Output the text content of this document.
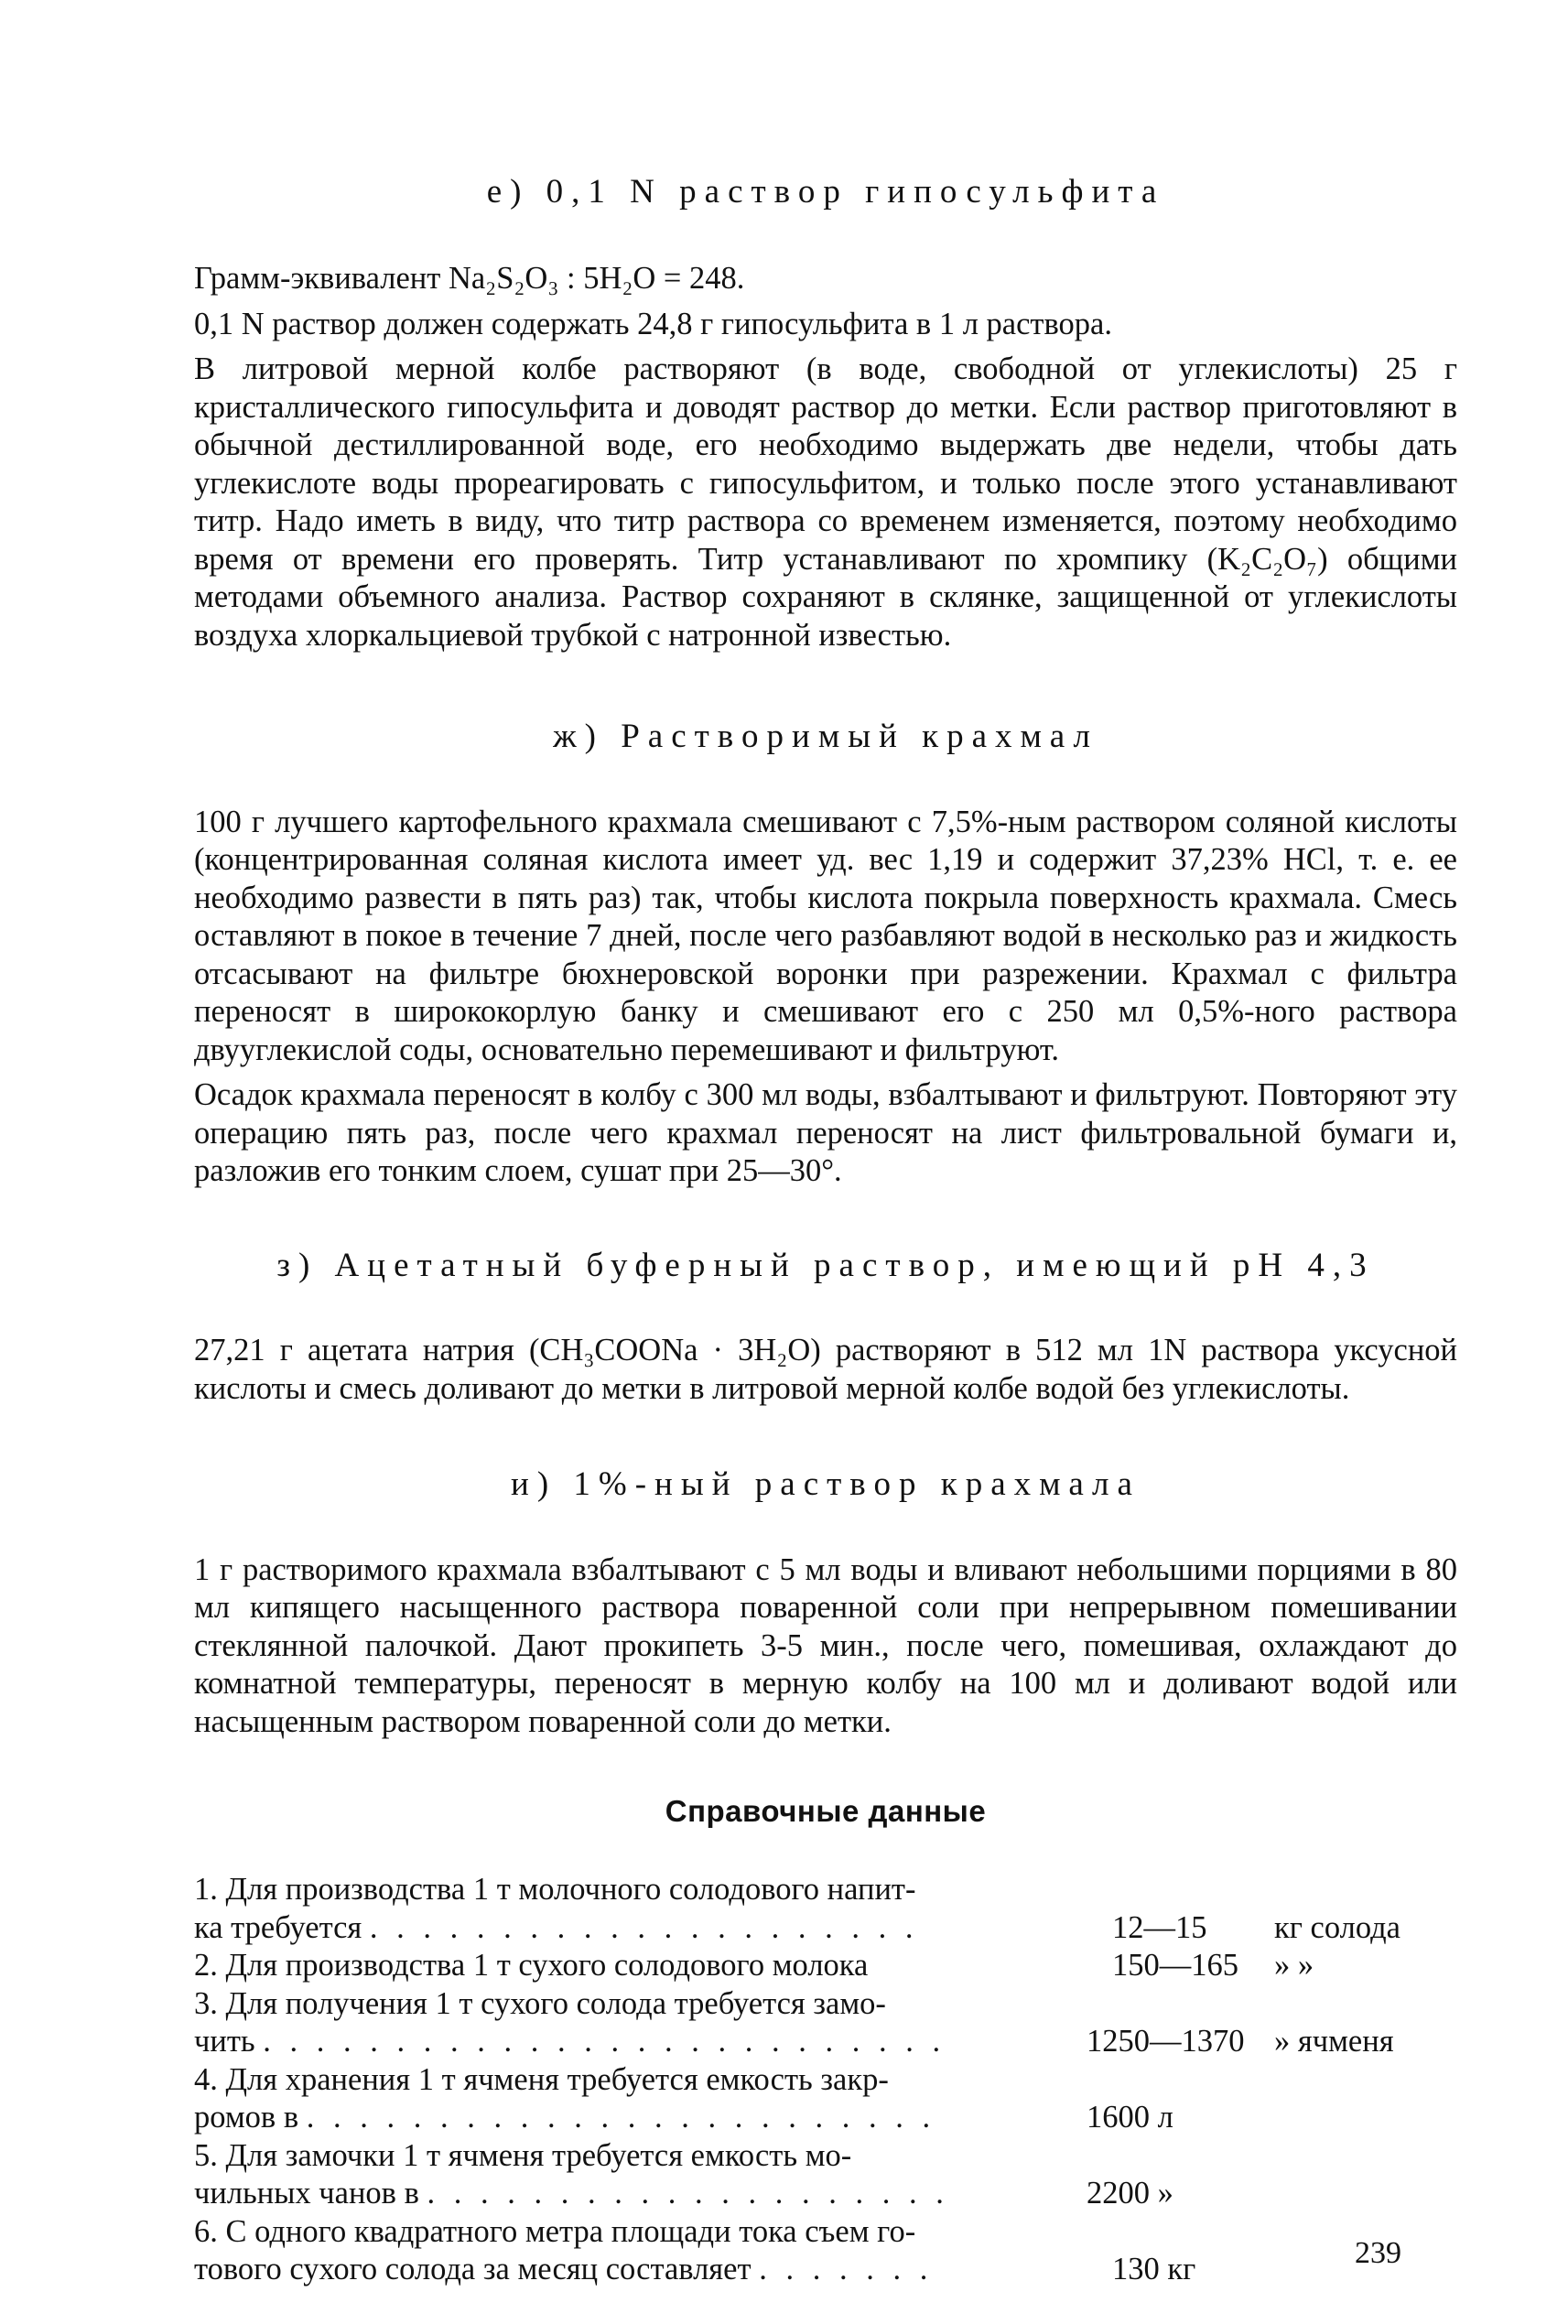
е) 0,1 N раствор гипосульфита

Грамм-эквивалент Na₂S₂O₃ : 5H₂O = 248.

0,1 N раствор должен содержать 24,8 г гипосульфита в 1 л раствора.

В литровой мерной колбе растворяют (в воде, свободной от углекислоты) 25 г кристаллического гипосульфита и доводят раствор до метки. Если раствор приготовляют в обычной дестиллированной воде, его необходимо выдержать две недели, чтобы дать углекислоте воды прореагировать с гипосульфитом, и только после этого устанавливают титр. Надо иметь в виду, что титр раствора со временем изменяется, поэтому необходимо время от времени его проверять. Титр устанавливают по хромпику (K₂C₂O₇) общими методами объемного анализа. Раствор сохраняют в склянке, защищенной от углекислоты воздуха хлоркальциевой трубкой с натронной известью.

ж) Растворимый крахмал

100 г лучшего картофельного крахмала смешивают с 7,5%-ным раствором соляной кислоты (концентрированная соляная кислота имеет уд. вес 1,19 и содержит 37,23% HCl, т. е. ее необходимо развести в пять раз) так, чтобы кислота покрыла поверхность крахмала. Смесь оставляют в покое в течение 7 дней, после чего разбавляют водой в несколько раз и жидкость отсасывают на фильтре бюхнеровской воронки при разрежении. Крахмал с фильтра переносят в ширококорлую банку и смешивают его с 250 мл 0,5%-ного раствора двууглекислой соды, основательно перемешивают и фильтруют.

Осадок крахмала переносят в колбу с 300 мл воды, взбалтывают и фильтруют. Повторяют эту операцию пять раз, после чего крахмал переносят на лист фильтровальной бумаги и, разложив его тонким слоем, сушат при 25—30°.

з) Ацетатный буферный раствор, имеющий pH 4,3

27,21 г ацетата натрия (CH₃COONa · 3H₂O) растворяют в 512 мл 1N раствора уксусной кислоты и смесь доливают до метки в литровой мерной колбе водой без углекислоты.

и) 1%-ный раствор крахмала

1 г растворимого крахмала взбалтывают с 5 мл воды и вливают небольшими порциями в 80 мл кипящего насыщенного раствора поваренной соли при непрерывном помешивании стеклянной палочкой. Дают прокипеть 3-5 мин., после чего, помешивая, охлаждают до комнатной температуры, переносят в мерную колбу на 100 мл и доливают водой или насыщенным раствором поваренной соли до метки.

Справочные данные
1. Для производства 1 т молочного солодового напит-
ка требуется . . . . . . . . . . . . . . . . . . . . .	12—15 кг солода
2. Для производства 1 т сухого солодового молока	150—165 » »
3. Для получения 1 т сухого солода требуется замо-
чить . . . . . . . . . . . . . . . . . . . . . . . . . .	1250—1370 » ячменя
4. Для хранения 1 т ячменя требуется емкость закр-
ромов в . . . . . . . . . . . . . . . . . . . . . . . .	1600 л
5. Для замочки 1 т ячменя требуется емкость мо-
чильных чанов в . . . . . . . . . . . . . . . . . . . .	2200 »
6. С одного квадратного метра площади тока съем го-
тового сухого солода за месяц составляет . . . . . . .	130 кг	239
